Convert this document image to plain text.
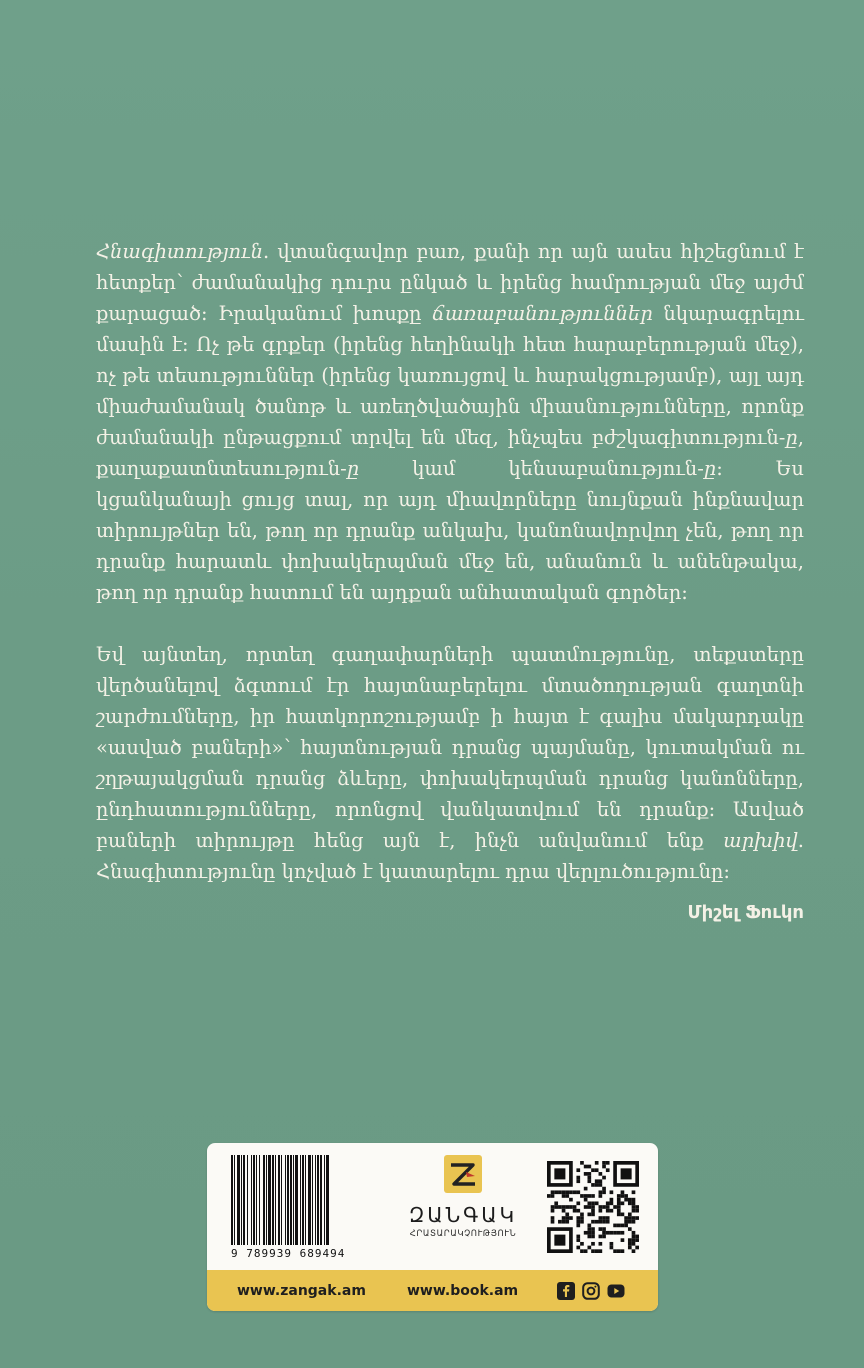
Հնագիտություն. վտանգավոր բառ, քանի որ այն ասես հիշեցնում է հետքեր՝ ժամանակից դուրս ընկած և իրենց համրության մեջ այժմ քարացած: Իրականում խոսքը ճառաբանություններ նկարագրելու մասին է: Ոչ թե գրքեր (իրենց հեղինակի հետ հարաբերության մեջ), ոչ թե տեսություններ (իրենց կառույցով և հարակցությամբ), այլ այդ միաժամանակ ծանոթ և առեղծվածային միասնությունները, որոնք ժամանակի ընթացքում տրվել են մեզ, ինչպես բժշկագիտություն-ը, քաղաքատնտեսություն-ը կամ կենսաբանություն-ը: Ես կցանկանայի ցույց տալ, որ այդ միավորները նույնքան ինքնավար տիրույթներ են, թող որ դրանք անկախ, կանոնավորվող չեն, թող որ դրանք հարատև փոխակերպման մեջ են, անանուն և անենթակա, թող որ դրանք հատում են այդքան անհատական գործեր:

Եվ այնտեղ, որտեղ գաղափարների պատմությունը, տեքստերը վերծանելով ձգտում էր հայտնաբերելու մտածողության գաղտնի շարժումները, իր հատկորոշությամբ ի հայտ է գալիս մակարդակը «ասված բաների»՝ հայտնության դրանց պայմանը, կուտակման ու շղթայակցման դրանց ձևերը, փոխակերպման դրանց կանոնները, ընդհատությունները, որոնցով վանկատվում են դրանք: Ասված բաների տիրույթը հենց այն է, ինչն անվանում ենք արխիվ. Հնագիտությունը կոչված է կատարելու դրա վերլուծությունը:

Միշել Ֆուկո
9 789939 689494
ԶԱՆԳԱԿ
ՀՐԱՏԱՐԱԿՉՈՒԹՅՈՒՆ
www.zangak.am	www.book.am
